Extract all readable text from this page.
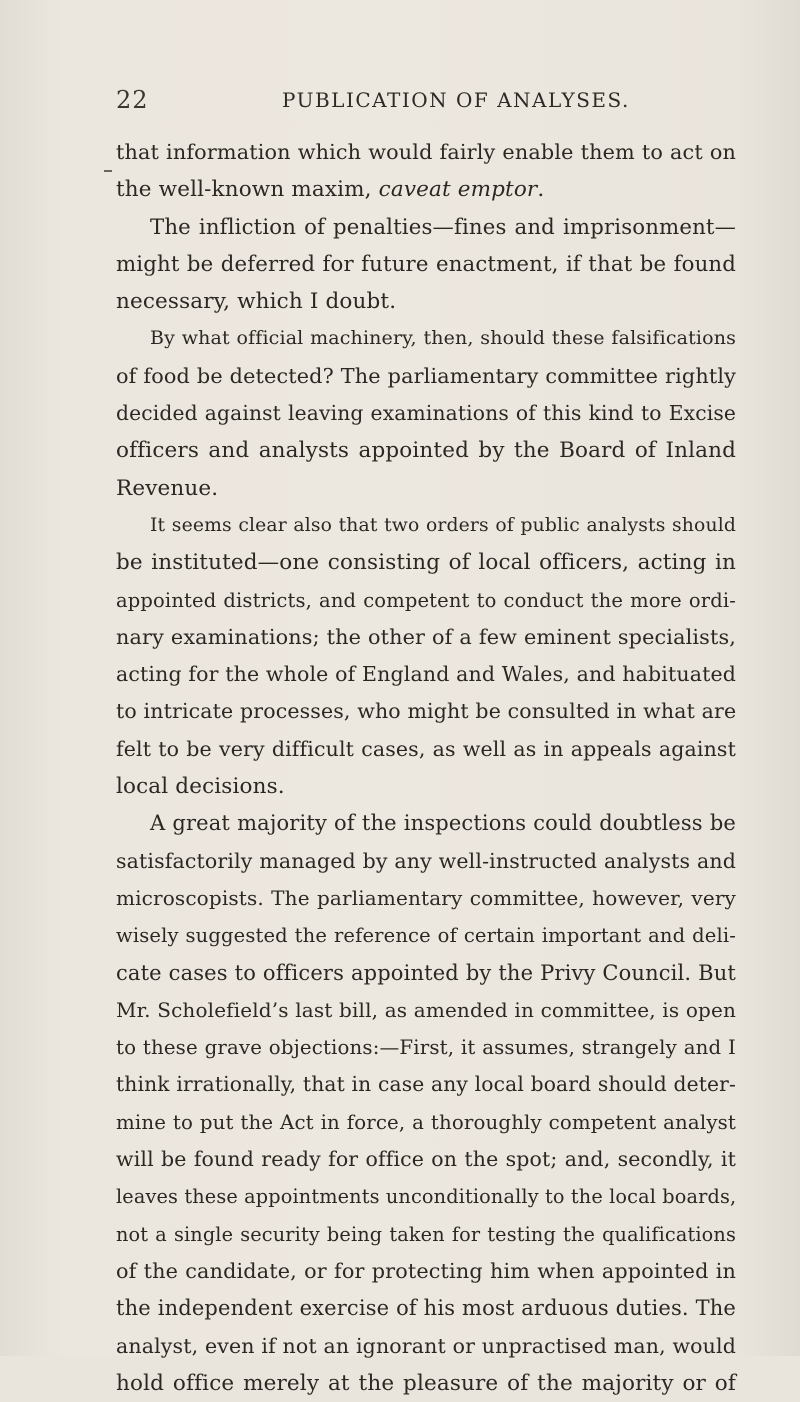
22	PUBLICATION OF ANALYSES.
that information which would fairly enable them to act on
the well-known maxim, caveat emptor.
The infliction of penalties—fines and imprisonment—
might be deferred for future enactment, if that be found
necessary, which I doubt.
By what official machinery, then, should these falsifications
of food be detected? The parliamentary committee rightly
decided against leaving examinations of this kind to Excise
officers and analysts appointed by the Board of Inland
Revenue.
It seems clear also that two orders of public analysts should
be instituted—one consisting of local officers, acting in
appointed districts, and competent to conduct the more ordi-
nary examinations; the other of a few eminent specialists,
acting for the whole of England and Wales, and habituated
to intricate processes, who might be consulted in what are
felt to be very difficult cases, as well as in appeals against
local decisions.
A great majority of the inspections could doubtless be
satisfactorily managed by any well-instructed analysts and
microscopists. The parliamentary committee, however, very
wisely suggested the reference of certain important and deli-
cate cases to officers appointed by the Privy Council. But
Mr. Scholefield’s last bill, as amended in committee, is open
to these grave objections:—First, it assumes, strangely and I
think irrationally, that in case any local board should deter-
mine to put the Act in force, a thoroughly competent analyst
will be found ready for office on the spot; and, secondly, it
leaves these appointments unconditionally to the local boards,
not a single security being taken for testing the qualifications
of the candidate, or for protecting him when appointed in
the independent exercise of his most arduous duties. The
analyst, even if not an ignorant or unpractised man, would
hold office merely at the pleasure of the majority or of
